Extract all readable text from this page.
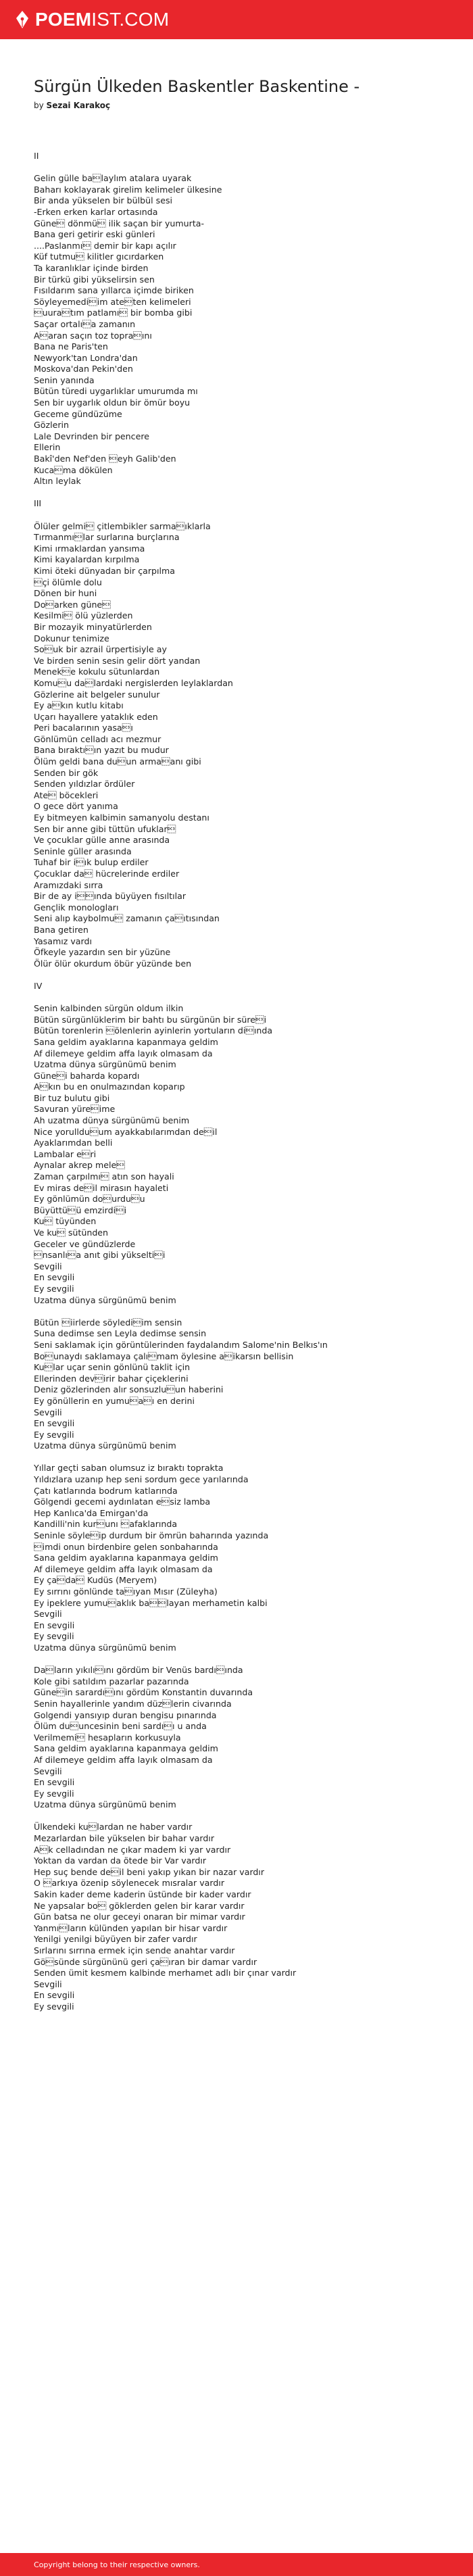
POEM IST.COM
Sürgün Ülkeden Baskentler Baskentine -
by Sezai Karakoç
II
Gelin gülle balaylım atalara uyarak
Baharı koklayarak girelim kelimeler ülkesine
Bir anda yükselen bir bülbül sesi
-Erken erken karlar ortasında
Güne dönmü ilik saçan bir yumurta-
Bana geri getirir eski günleri
....Paslanmı demir bir kapı açılır
Küf tutmu kilitler gıcırdarken
Ta karanlıklar içinde birden
Bir türkü gibi yükselirsin sen
Fısıldarım sana yıllarca içimde biriken
Söyleyemediim ateten kelimeleri
uuratım patlamı bir bomba gibi
Saçar ortalıa zamanın
Aaran saçın toz topraını
Bana ne Paris'ten
Newyork'tan Londra'dan
Moskova'dan Pekin'den
Senin yanında
Bütün türedi uygarlıklar umurumda mı
Sen bir uygarlık oldun bir ömür boyu
Geceme gündüzüme
Gözlerin
Lale Devrinden bir pencere
Ellerin
Bakî'den Nef'den eyh Galib'den
Kucama dökülen
Altın leylak
III
Ölüler gelmi çitlembikler sarmaıklarla
Tırmanmılar surlarına burçlarına
Kimi ırmaklardan yansıma
Kimi kayalardan kırpılma
Kimi öteki dünyadan bir çarpılma
çi ölümle dolu
Dönen bir huni
Doarken güne
Kesilmi ölü yüzlerden
Bir mozayik minyatürlerden
Dokunur tenimize
Souk bir azrail ürpertisiyle ay
Ve birden senin sesin gelir dört yandan
Meneke kokulu sütunlardan
Komuu dalardaki nergislerden leylaklardan
Gözlerine ait belgeler sunulur
Ey akın kutlu kitabı
Uçarı hayallere yataklık eden
Peri bacalarının yasaı
Gönlümün celladı acı mezmur
Bana bıraktıın yazıt bu mudur
Ölüm geldi bana duun armaanı gibi
Senden bir gök
Senden yıldızlar ördüler
Ate böcekleri
O gece dört yanıma
Ey bitmeyen kalbimin samanyolu destanı
Sen bir anne gibi tüttün ufuklar
Ve çocuklar gülle anne arasında
Seninle güller arasında
Tuhaf bir iık bulup erdiler
Çocuklar da hücrelerinde erdiler
Aramızdaki sırra
Bir de ay iında büyüyen fısıltılar
Gençlik monologları
Seni alıp kaybolmu zamanın çaıtısından
Bana getiren
Yasamız vardı
Öfkeyle yazardın sen bir yüzüne
Ölür ölür okurdum öbür yüzünde ben
IV
Senin kalbinden sürgün oldum ilkin
Bütün sürgünlüklerim bir bahtı bu sürgünün bir sürei
Bütün torenlerin ölenlerin ayinlerin yortuların diında
Sana geldim ayaklarına kapanmaya geldim
Af dilemeye geldim affa layık olmasam da
Uzatma dünya sürgünümü benim
Günei baharda kopardı
Akın bu en onulmazından koparıp
Bir tuz bulutu gibi
Savuran yüreime
Ah uzatma dünya sürgünümü benim
Nice yorullduum ayakkabılarımdan deil
Ayaklarımdan belli
Lambalar eri
Aynalar akrep mele
Zaman çarpılmı atın son hayali
Ev miras deil mirasın hayaleti
Ey gönlümün dourduu
Büyüttüü emzirdii
Ku tüyünden
Ve ku sütünden
Geceler ve gündüzlerde
nsanlıa anıt gibi yükseltii
Sevgili
En sevgili
Ey sevgili
Uzatma dünya sürgünümü benim
Bütün iirlerde söylediim sensin
Suna dedimse sen Leyla dedimse sensin
Seni saklamak için görüntülerinden faydalandım Salome'nin Belkıs'ın
Bounaydı saklamaya çalımam öylesine aikarsın bellisin
Kular uçar senin gönlünü taklit için
Ellerinden devirir bahar çiçeklerini
Deniz gözlerinden alır sonsuzluun haberini
Ey gönüllerin en yumuaı en derini
Sevgili
En sevgili
Ey sevgili
Uzatma dünya sürgünümü benim
Yıllar geçti saban olumsuz iz bıraktı toprakta
Yıldızlara uzanıp hep seni sordum gece yarılarında
Çatı katlarında bodrum katlarında
Gölgendi gecemi aydınlatan esiz lamba
Hep Kanlıca'da Emirgan'da
Kandilli'nin kurunı afaklarında
Seninle söyleip durdum bir ömrün baharında yazında
imdi onun birdenbire gelen sonbaharında
Sana geldim ayaklarına kapanmaya geldim
Af dilemeye geldim affa layık olmasam da
Ey çada Kudüs (Meryem)
Ey sırrını gönlünde taıyan Mısır (Züleyha)
Ey ipeklere yumuaklık balayan merhametin kalbi
Sevgili
En sevgili
Ey sevgili
Uzatma dünya sürgünümü benim
Daların yıkılıını gördüm bir Venüs bardıında
Kole gibi satıldım pazarlar pazarında
Günein sarardıını gördüm Konstantin duvarında
Senin hayallerinle yandım düzlerin civarında
Golgendi yansıyıp duran bengisu pınarında
Ölüm duuncesinin beni sardıı u anda
Verilmemi hesapların korkusuyla
Sana geldim ayaklarına kapanmaya geldim
Af dilemeye geldim affa layık olmasam da
Sevgili
En sevgili
Ey sevgili
Uzatma dünya sürgünümü benim
Ülkendeki kulardan ne haber vardır
Mezarlardan bile yükselen bir bahar vardır
Ak celladından ne çıkar madem ki yar vardır
Yoktan da vardan da ötede bir Var vardır
Hep suç bende deil beni yakıp yıkan bir nazar vardır
O arkıya özenip söylenecek mısralar vardır
Sakin kader deme kaderin üstünde bir kader vardır
Ne yapsalar bo göklerden gelen bir karar vardır
Gün batsa ne olur geceyi onaran bir mimar vardır
Yanmıların külünden yapılan bir hisar vardır
Yenilgi yenilgi büyüyen bir zafer vardır
Sırlarını sırrına ermek için sende anahtar vardır
Gösünde sürgününü geri çaıran bir damar vardır
Senden ümit kesmem kalbinde merhamet adlı bir çınar vardır
Sevgili
En sevgili
Ey sevgili
Copyright belong to their respective owners.
